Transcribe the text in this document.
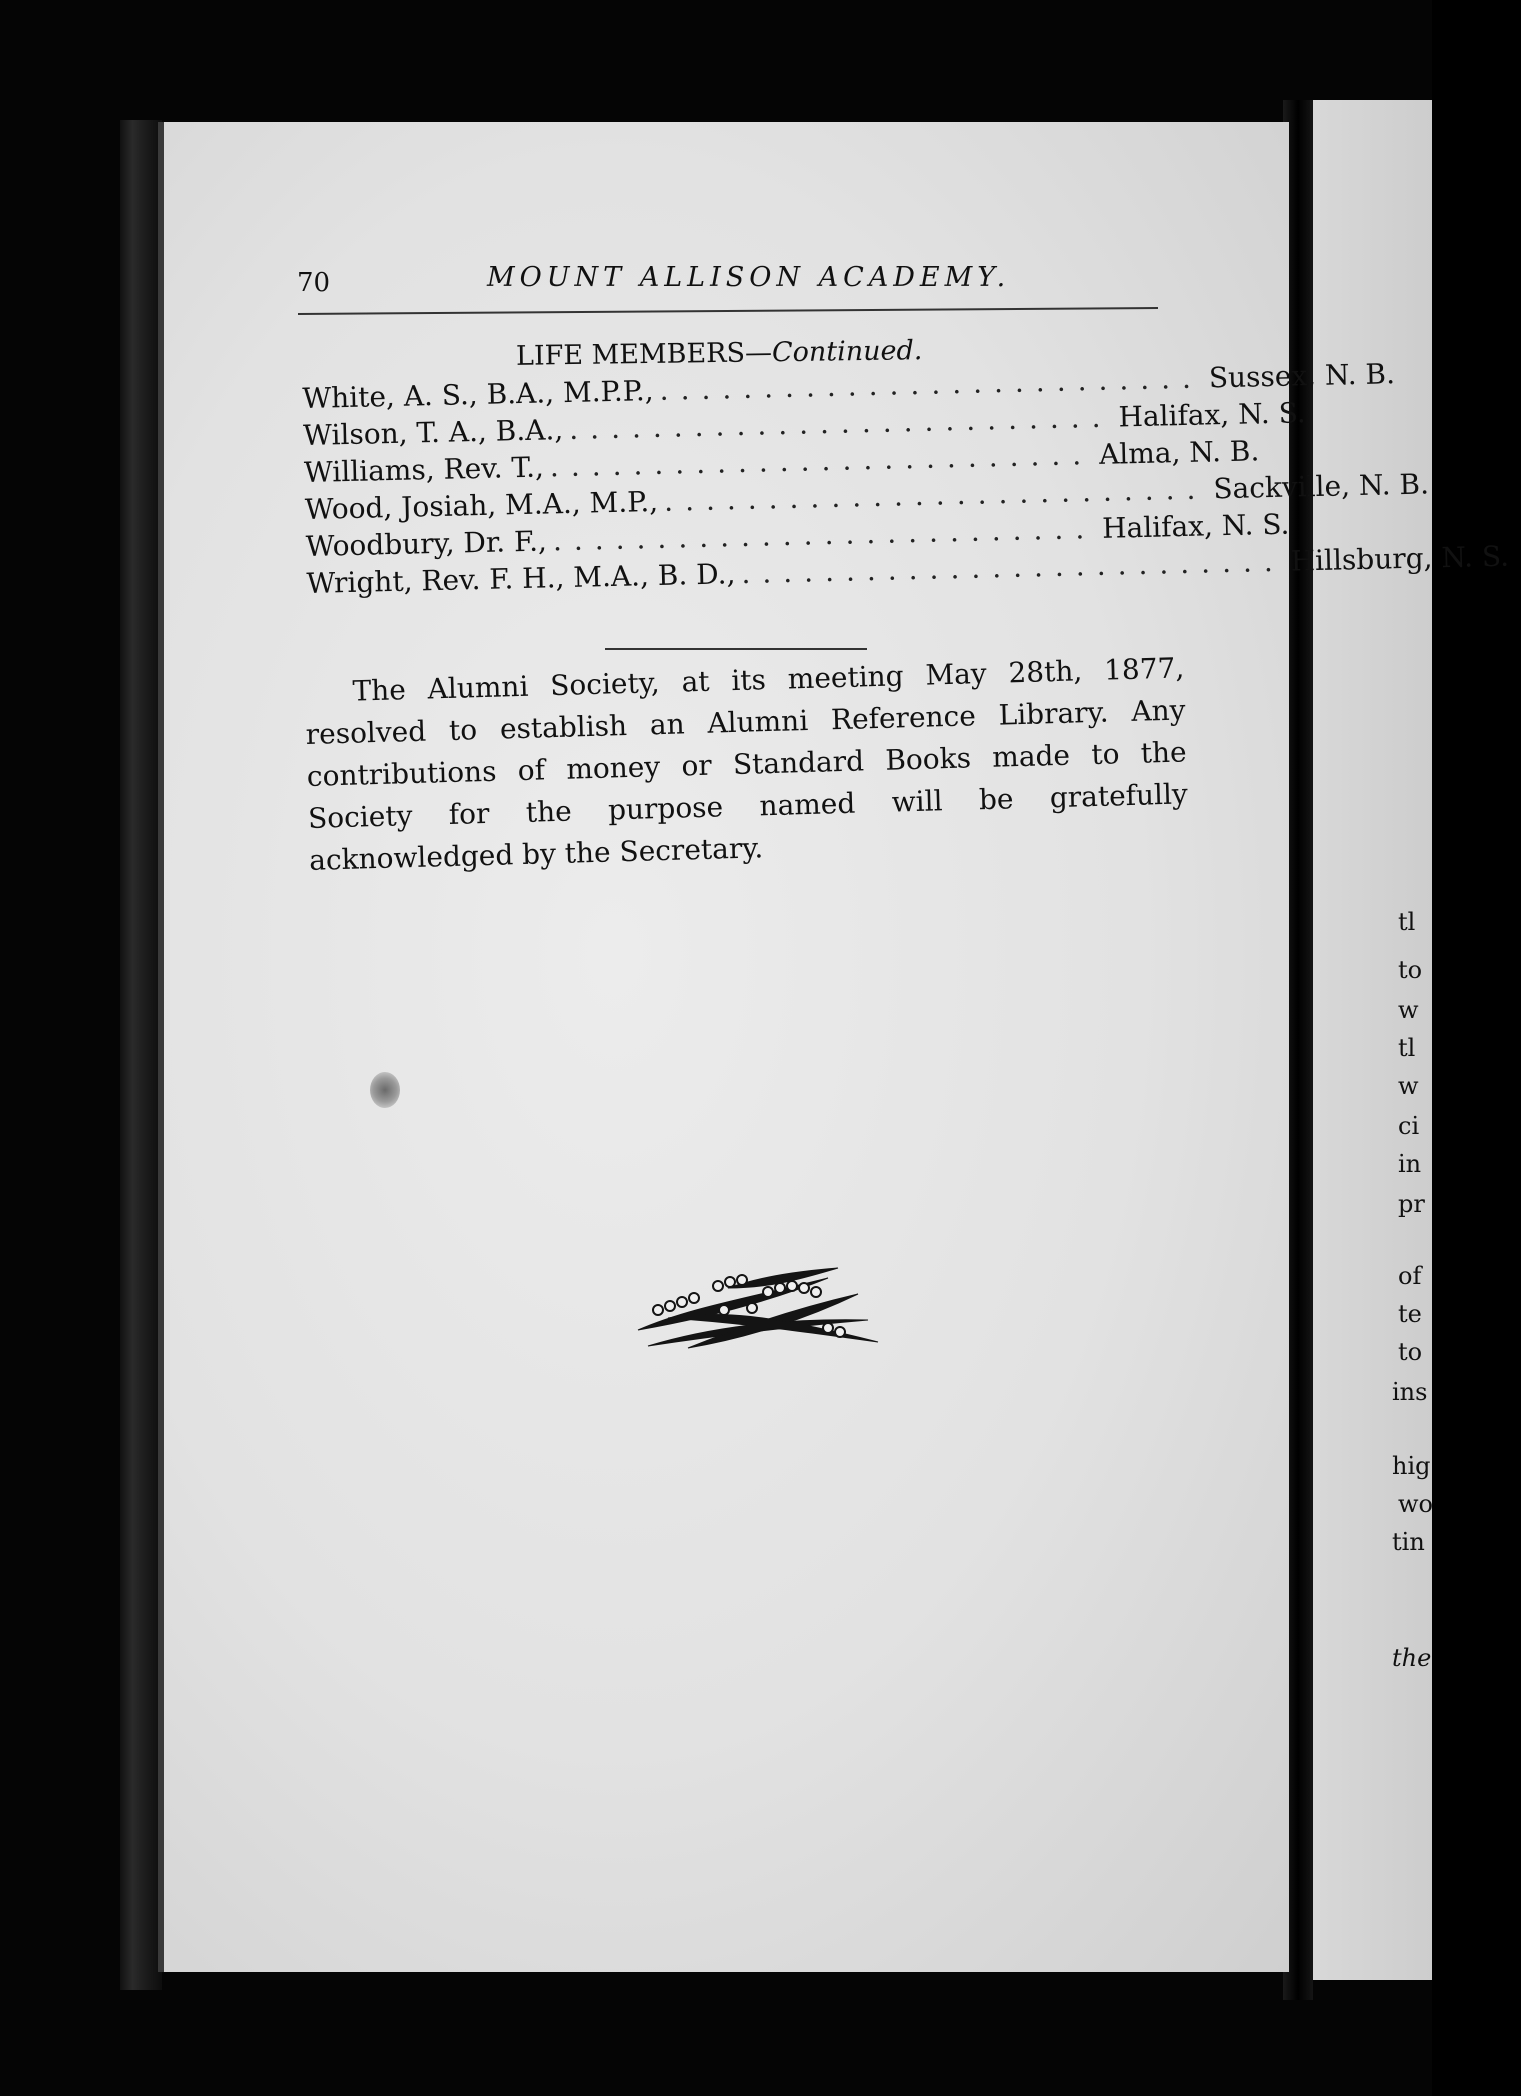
tl
to
w
tl
w
ci
in
pr
of
te
to
ins
hig
wo
tin
the
70	MOUNT ALLISON ACADEMY.
LIFE MEMBERS—Continued.
White, A. S., B.A., M.P.P., .......................... Sussex, N. B.
Wilson, T. A., B.A., .......................... Halifax, N. S.
Williams, Rev. T., .......................... Alma, N. B.
Wood, Josiah, M.A., M.P., .......................... Sackville, N. B.
Woodbury, Dr. F., .......................... Halifax, N. S.
Wright, Rev. F. H., M.A., B. D., .......................... Hillsburg, N. S.

The Alumni Society, at its meeting May 28th, 1877, resolved to establish an Alumni Reference Library. Any contributions of money or Standard Books made to the Society for the purpose named will be gratefully acknowledged by the Secretary.
